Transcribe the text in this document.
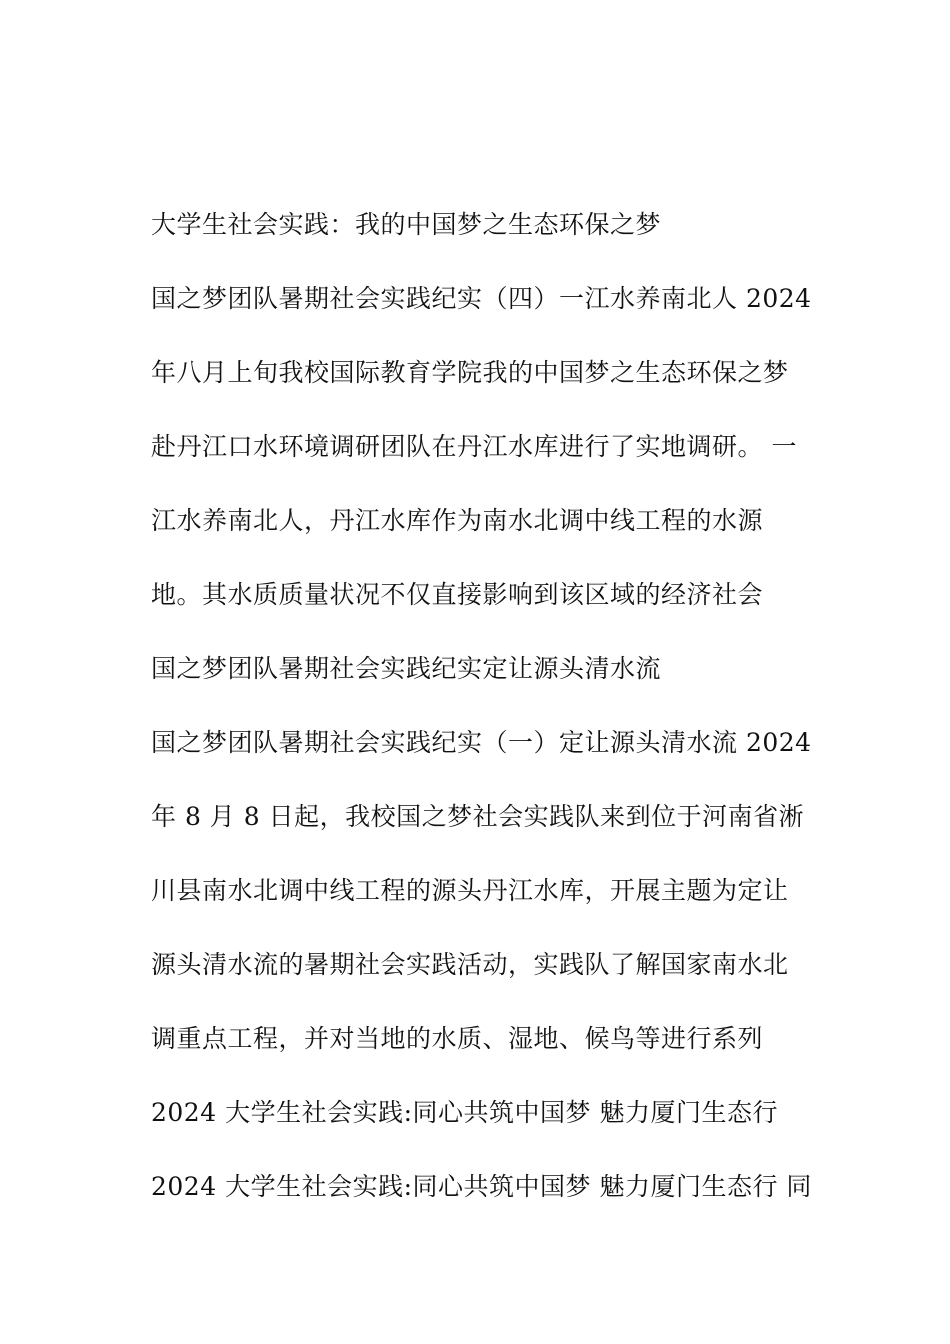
大学生社会实践：我的中国梦之生态环保之梦
国之梦团队暑期社会实践纪实（四）一江水养南北人 2024
年八月上旬我校国际教育学院我的中国梦之生态环保之梦
赴丹江口水环境调研团队在丹江水库进行了实地调研。 一
江水养南北人，丹江水库作为南水北调中线工程的水源
地。其水质质量状况不仅直接影响到该区域的经济社会
国之梦团队暑期社会实践纪实定让源头清水流
国之梦团队暑期社会实践纪实（一）定让源头清水流 2024
年 8 月 8 日起，我校国之梦社会实践队来到位于河南省淅
川县南水北调中线工程的源头丹江水库，开展主题为定让
源头清水流的暑期社会实践活动，实践队了解国家南水北
调重点工程，并对当地的水质、湿地、候鸟等进行系列
2024 大学生社会实践:同心共筑中国梦 魅力厦门生态行
2024 大学生社会实践:同心共筑中国梦 魅力厦门生态行 同
